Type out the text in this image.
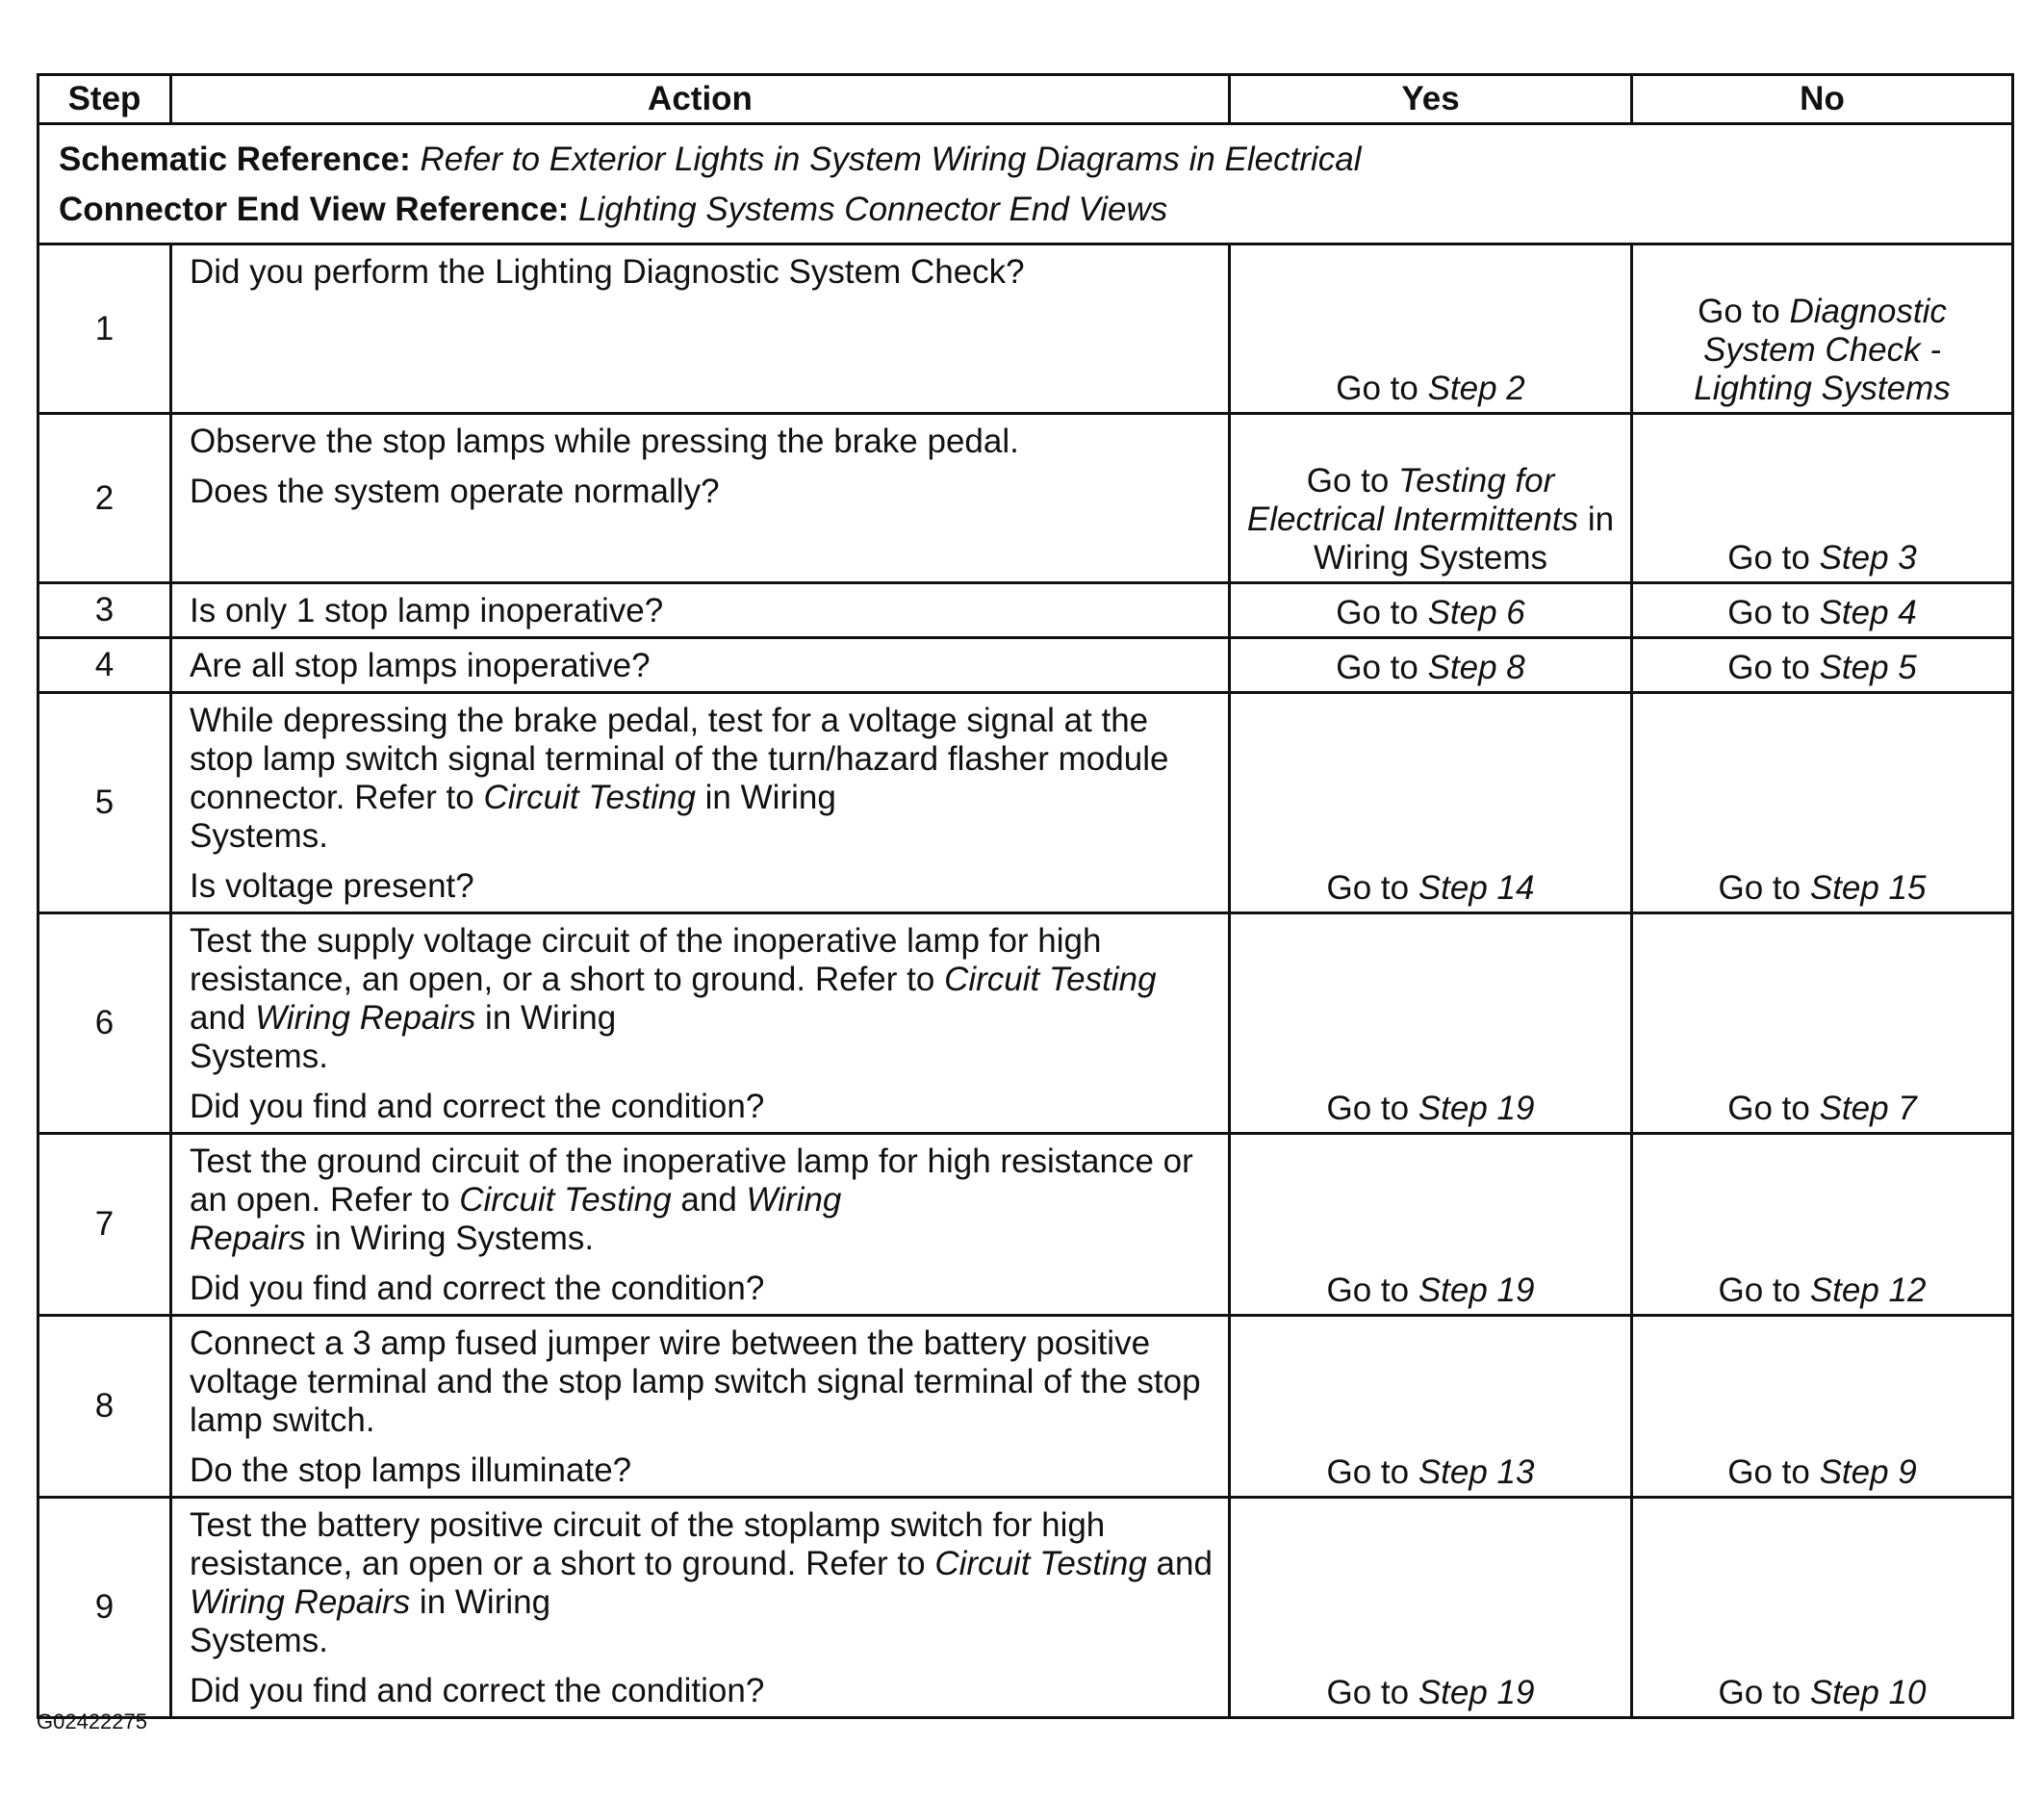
Step	Action	Yes	No

Schematic Reference: Refer to Exterior Lights in System Wiring Diagrams in Electrical
Connector End View Reference: Lighting Systems Connector End Views			

1	Did you perform the Lighting Diagnostic System Check?	Go to Step 2	Go to Diagnostic System Check - Lighting Systems

2	Observe the stop lamps while pressing the brake pedal.

Does the system operate normally?	Go to Testing for Electrical Intermittents in Wiring Systems	Go to Step 3

3	Is only 1 stop lamp inoperative?	Go to Step 6	Go to Step 4

4	Are all stop lamps inoperative?	Go to Step 8	Go to Step 5

5	While depressing the brake pedal, test for a voltage signal at the stop lamp switch signal terminal of the turn/hazard flasher module connector. Refer to Circuit Testing in Wiring
Systems.

Is voltage present?	Go to Step 14	Go to Step 15

6	Test the supply voltage circuit of the inoperative lamp for high resistance, an open, or a short to ground. Refer to Circuit Testing and Wiring Repairs in Wiring
Systems.

Did you find and correct the condition?	Go to Step 19	Go to Step 7

7	Test the ground circuit of the inoperative lamp for high resistance or an open. Refer to Circuit Testing and Wiring
Repairs in Wiring Systems.

Did you find and correct the condition?	Go to Step 19	Go to Step 12

8	Connect a 3 amp fused jumper wire between the battery positive voltage terminal and the stop lamp switch signal terminal of the stop lamp switch.

Do the stop lamps illuminate?	Go to Step 13	Go to Step 9

9	Test the battery positive circuit of the stoplamp switch for high resistance, an open or a short to ground. Refer to Circuit Testing and Wiring Repairs in Wiring
Systems.

Did you find and correct the condition?	Go to Step 19	Go to Step 10
G02422275
